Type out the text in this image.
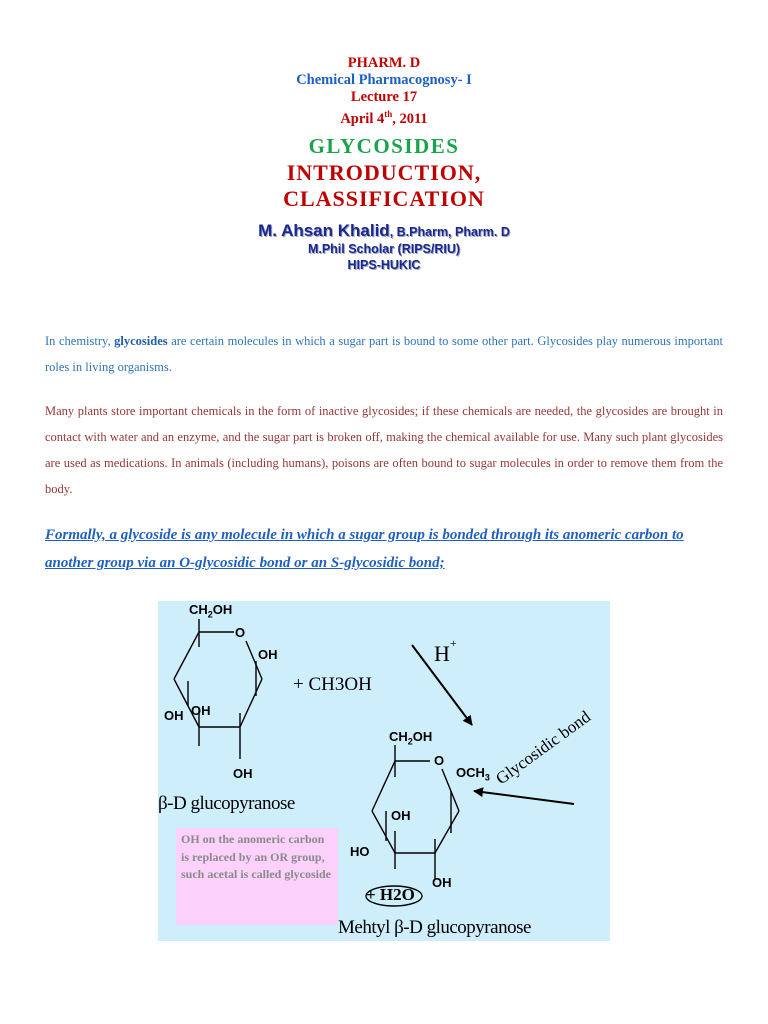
PHARM. D
Chemical Pharmacognosy- I
Lecture 17
April 4th, 2011
GLYCOSIDES
INTRODUCTION,
CLASSIFICATION
M. Ahsan Khalid, B.Pharm, Pharm. D
M.Phil Scholar (RIPS/RIU)
HIPS-HUKIC
In chemistry, glycosides are certain molecules in which a sugar part is bound to some other part. Glycosides play numerous important roles in living organisms.
Many plants store important chemicals in the form of inactive glycosides; if these chemicals are needed, the glycosides are brought in contact with water and an enzyme, and the sugar part is broken off, making the chemical available for use. Many such plant glycosides are used as medications. In animals (including humans), poisons are often bound to sugar molecules in order to remove them from the body.
Formally, a glycoside is any molecule in which a sugar group is bonded through its anomeric carbon to another group via an O-glycosidic bond or an S-glycosidic bond;
$CH_2OH$
O
OH
OH OH
OH
+ CH3OH
H+
β-D glucopyranose
$CH_2OH$
O
$OCH_3$ Glycosidic bond
OH
HO
OH
+ H2O
Mehtyl β-D glucopyranose
OH on the anomeric carbon is replaced by an OR group, such acetal is called glycoside
